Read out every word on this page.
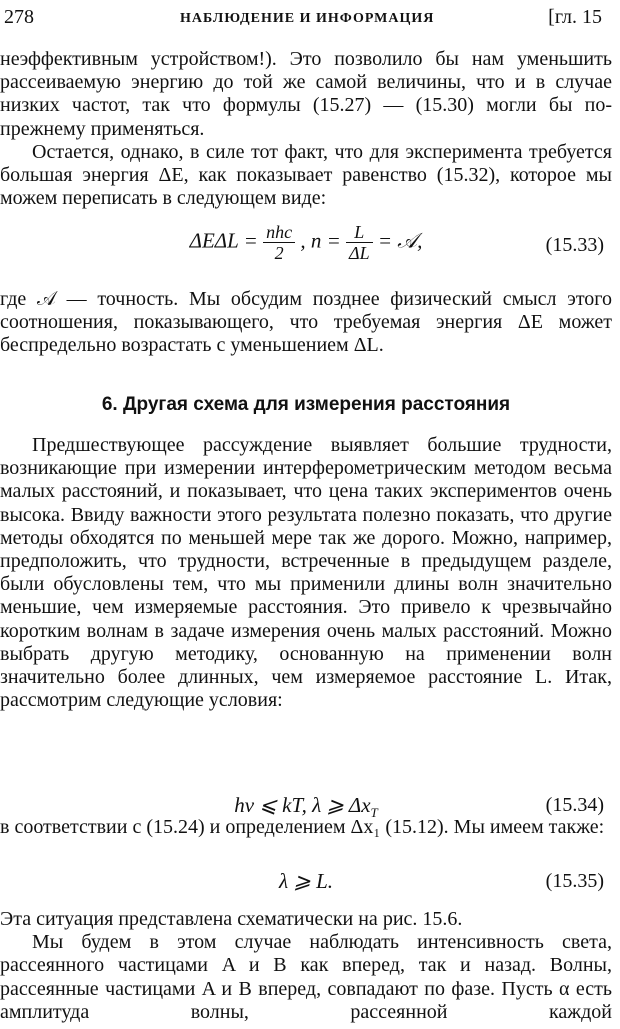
278	НАБЛЮДЕНИЕ И ИНФОРМАЦИЯ	[гл. 15

неэффективным устройством!). Это позволило бы нам уменьшить рассеиваемую энергию до той же самой величины, что и в случае низких частот, так что формулы (15.27) — (15.30) могли бы по-прежнему применяться.

Остается, однако, в силе тот факт, что для эксперимента требуется большая энергия ΔE, как показывает равенство (15.32), которое мы можем переписать в следующем виде:

$\Delta E\Delta L = \frac{\text{nhc}}{2}$ , $n = \frac{L}{\Delta L}$ = 𝒜,	(15.33)

где 𝒜 — точность. Мы обсудим позднее физический смысл этого соотношения, показывающего, что требуемая энергия ΔE может беспредельно возрастать с уменьшением ΔL.

6. Другая схема для измерения расстояния

Предшествующее рассуждение выявляет большие трудности, возникающие при измерении интерферометрическим методом весьма малых расстояний, и показывает, что цена таких экспериментов очень высока. Ввиду важности этого результата полезно показать, что другие методы обходятся по меньшей мере так же дорого. Можно, например, предположить, что трудности, встреченные в предыдущем разделе, были обусловлены тем, что мы применили длины волн значительно меньшие, чем измеряемые расстояния. Это привело к чрезвычайно коротким волнам в задаче измерения очень малых расстояний. Можно выбрать другую методику, основанную на применении волн значительно более длинных, чем измеряемое расстояние L. Итак, рассмотрим следующие условия:

hν ⩽ kT, λ ⩾ $\Delta x_T$	(15.34)

в соответствии с (15.24) и определением Δx₁ (15.12). Мы имеем также:

λ ⩾ L.	(15.35)

Эта ситуация представлена схематически на рис. 15.6.

Мы будем в этом случае наблюдать интенсивность света, рассеянного частицами A и B как вперед, так и назад. Волны, рассеянные частицами A и B вперед, совпадают по фазе. Пусть α есть амплитуда волны, рассеянной каждой
